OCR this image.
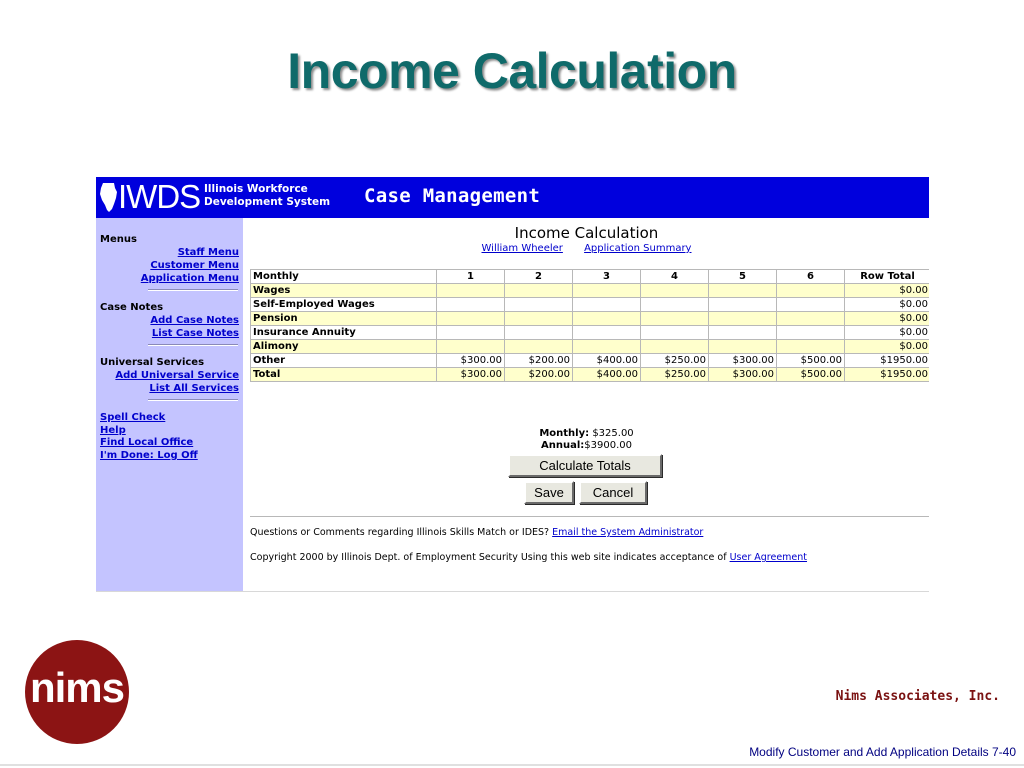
Income Calculation
IWDS Illinois Workforce
Development System Case Management
Menus
Staff Menu
Customer Menu
Application Menu
Case Notes
Add Case Notes
List Case Notes
Universal Services
Add Universal Service
List All Services
Spell Check
Help
Find Local Office
I'm Done: Log Off
Income Calculation
William Wheeler Application Summary
Monthly	1	2	3	4	5	6	Row Total
Wages							$0.00
Self-Employed Wages							$0.00
Pension							$0.00
Insurance Annuity							$0.00
Alimony							$0.00
Other	$300.00	$200.00	$400.00	$250.00	$300.00	$500.00	$1950.00
Total	$300.00	$200.00	$400.00	$250.00	$300.00	$500.00	$1950.00
Monthly: $325.00
Annual:$3900.00
Calculate Totals
Save	Cancel
Questions or Comments regarding Illinois Skills Match or IDES? Email the System Administrator
Copyright 2000 by Illinois Dept. of Employment Security Using this web site indicates acceptance of User Agreement
nims	Nims Associates, Inc.
Modify Customer and Add Application Details 7-40
